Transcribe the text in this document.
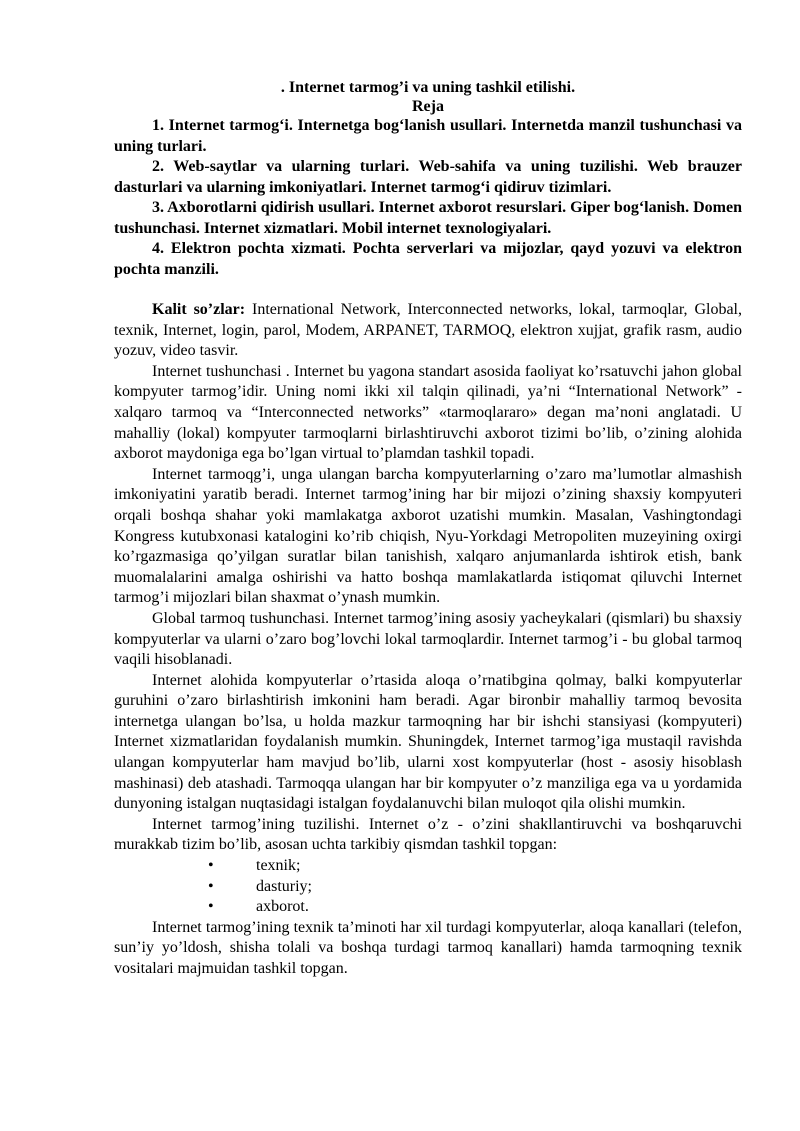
. Internet tarmog’i va uning tashkil etilishi.
Reja

1. Internet tarmog‘i. Internetga bog‘lanish usullari. Internetda manzil tushunchasi va uning turlari.

2. Web-saytlar va ularning turlari. Web-sahifa va uning tuzilishi. Web brauzer dasturlari va ularning imkoniyatlari. Internet tarmog‘i qidiruv tizimlari.

3. Axborotlarni qidirish usullari. Internet axborot resurslari. Giper bog‘lanish. Domen tushunchasi. Internet xizmatlari. Mobil internet texnologiyalari.

4. Elektron pochta xizmati. Pochta serverlari va mijozlar, qayd yozuvi va elektron pochta manzili.

Kalit so’zlar: International Network, Interconnected networks, lokal, tarmoqlar, Global, texnik, Internet, login, parol, Modem, ARPANET, TARMOQ, elektron xujjat, grafik rasm, audio yozuv, video tasvir.

Internet tushunchasi . Internet bu yagona standart asosida faoliyat ko’rsatuvchi jahon global kompyuter tarmog’idir. Uning nomi ikki xil talqin qilinadi, ya’ni “International Network” - xalqaro tarmoq va “Interconnected networks” «tarmoqlararo» degan ma’noni anglatadi. U mahalliy (lokal) kompyuter tarmoqlarni birlashtiruvchi axborot tizimi bo’lib, o’zining alohida axborot maydoniga ega bo’lgan virtual to’plamdan tashkil topadi.

Internet tarmoqg’i, unga ulangan barcha kompyuterlarning o’zaro ma’lumotlar almashish imkoniyatini yaratib beradi. Internet tarmog’ining har bir mijozi o’zining shaxsiy kompyuteri orqali boshqa shahar yoki mamlakatga axborot uzatishi mumkin. Masalan, Vashingtondagi Kongress kutubxonasi katalogini ko’rib chiqish, Nyu-Yorkdagi Metropoliten muzeyining oxirgi ko’rgazmasiga qo’yilgan suratlar bilan tanishish, xalqaro anjumanlarda ishtirok etish, bank muomalalarini amalga oshirishi va hatto boshqa mamlakatlarda istiqomat qiluvchi Internet tarmog’i mijozlari bilan shaxmat o’ynash mumkin.

Global tarmoq tushunchasi. Internet tarmog’ining asosiy yacheykalari (qismlari) bu shaxsiy kompyuterlar va ularni o’zaro bog’lovchi lokal tarmoqlardir. Internet tarmog’i - bu global tarmoq vaqili hisoblanadi.

Internet alohida kompyuterlar o’rtasida aloqa o’rnatibgina qolmay, balki kompyuterlar guruhini o’zaro birlashtirish imkonini ham beradi. Agar bironbir mahalliy tarmoq bevosita internetga ulangan bo’lsa, u holda mazkur tarmoqning har bir ishchi stansiyasi (kompyuteri) Internet xizmatlaridan foydalanish mumkin. Shuningdek, Internet tarmog’iga mustaqil ravishda ulangan kompyuterlar ham mavjud bo’lib, ularni xost kompyuterlar (host - asosiy hisoblash mashinasi) deb atashadi. Tarmoqqa ulangan har bir kompyuter o’z manziliga ega va u yordamida dunyoning istalgan nuqtasidagi istalgan foydalanuvchi bilan muloqot qila olishi mumkin.

Internet tarmog’ining tuzilishi. Internet o’z - o’zini shakllantiruvchi va boshqaruvchi murakkab tizim bo’lib, asosan uchta tarkibiy qismdan tashkil topgan:

•	texnik;
•	dasturiy;
•	axborot.

Internet tarmog’ining texnik ta’minoti har xil turdagi kompyuterlar, aloqa kanallari (telefon, sun’iy yo’ldosh, shisha tolali va boshqa turdagi tarmoq kanallari) hamda tarmoqning texnik vositalari majmuidan tashkil topgan.
